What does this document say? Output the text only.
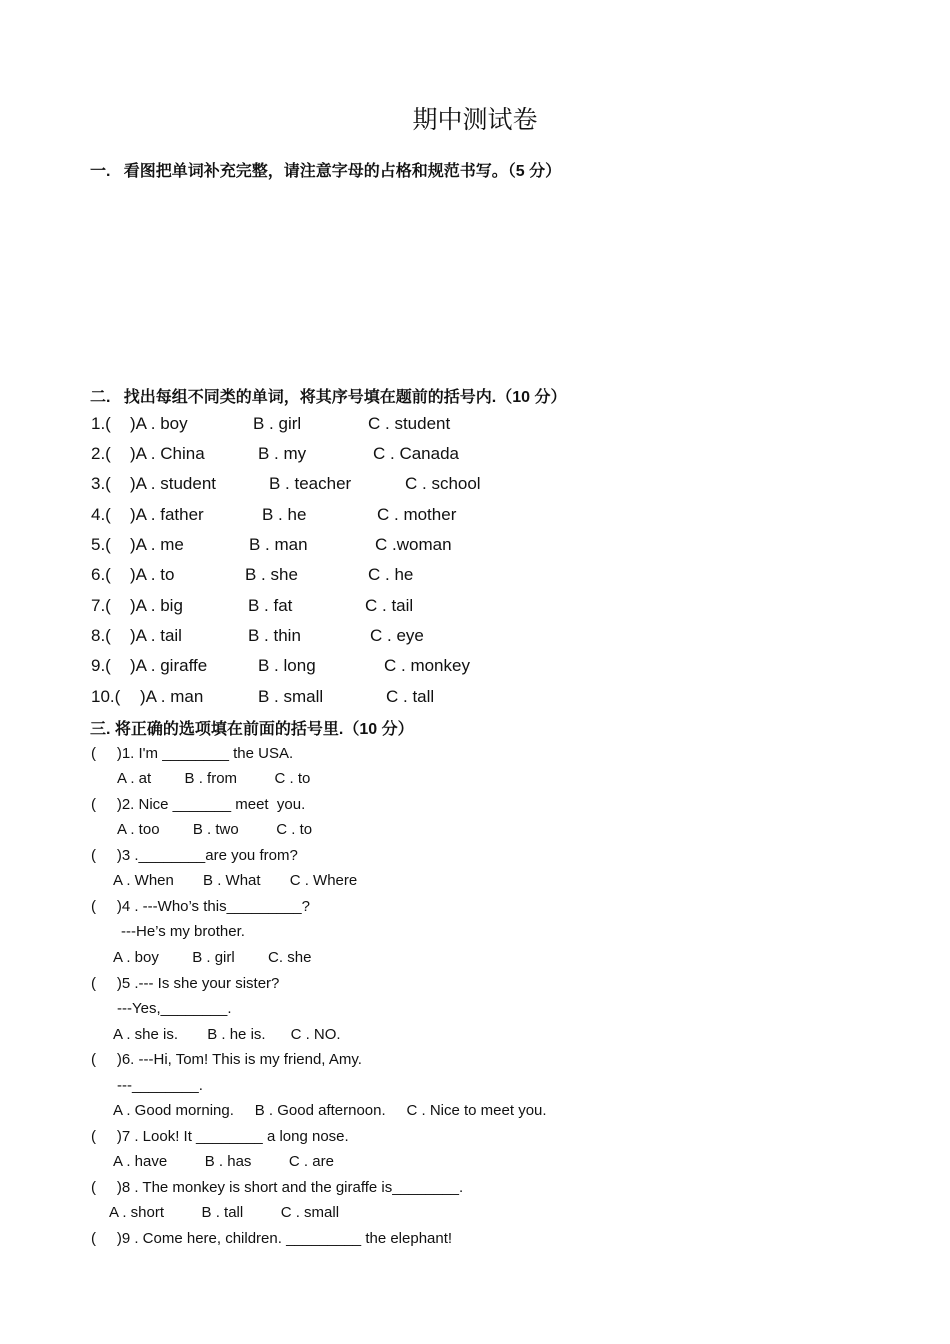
期中测试卷
一.   看图把单词补充完整，请注意字母的占格和规范书写。（5 分）
二.   找出每组不同类的单词，将其序号填在题前的括号内.（10 分）
1.( )A . boy	B . girl	C . student
2.( )A . China	B . my	C . Canada
3.( )A . student	B . teacher	C . school
4.( )A . father	B . he	C . mother
5.( )A . me	B . man	C .woman
6.( )A . to	B . she	C . he
7.( )A . big	B . fat	C . tail
8.( )A . tail	B . thin	C . eye
9.( )A . giraffe	B . long	C . monkey
10.( )A . man	B . small	C . tall
三. 将正确的选项填在前面的括号里.（10 分）
(     )1. I'm ________ the USA.
A . at        B . from         C . to
(     )2. Nice _______ meet  you.
A . too        B . two         C . to
(     )3 .________are you from?
A . When       B . What       C . Where
(     )4 . ---Who’s this_________?
---He’s my brother.
A . boy        B . girl        C. she
(     )5 .--- Is she your sister?
---Yes,________.
A . she is.       B . he is.      C . NO.
(     )6. ---Hi, Tom! This is my friend, Amy.
---________.
A . Good morning.     B . Good afternoon.     C . Nice to meet you.
(     )7 . Look! It ________ a long nose.
A . have         B . has         C . are
(     )8 . The monkey is short and the giraffe is________.
A . short         B . tall         C . small
(     )9 . Come here, children. _________ the elephant!
